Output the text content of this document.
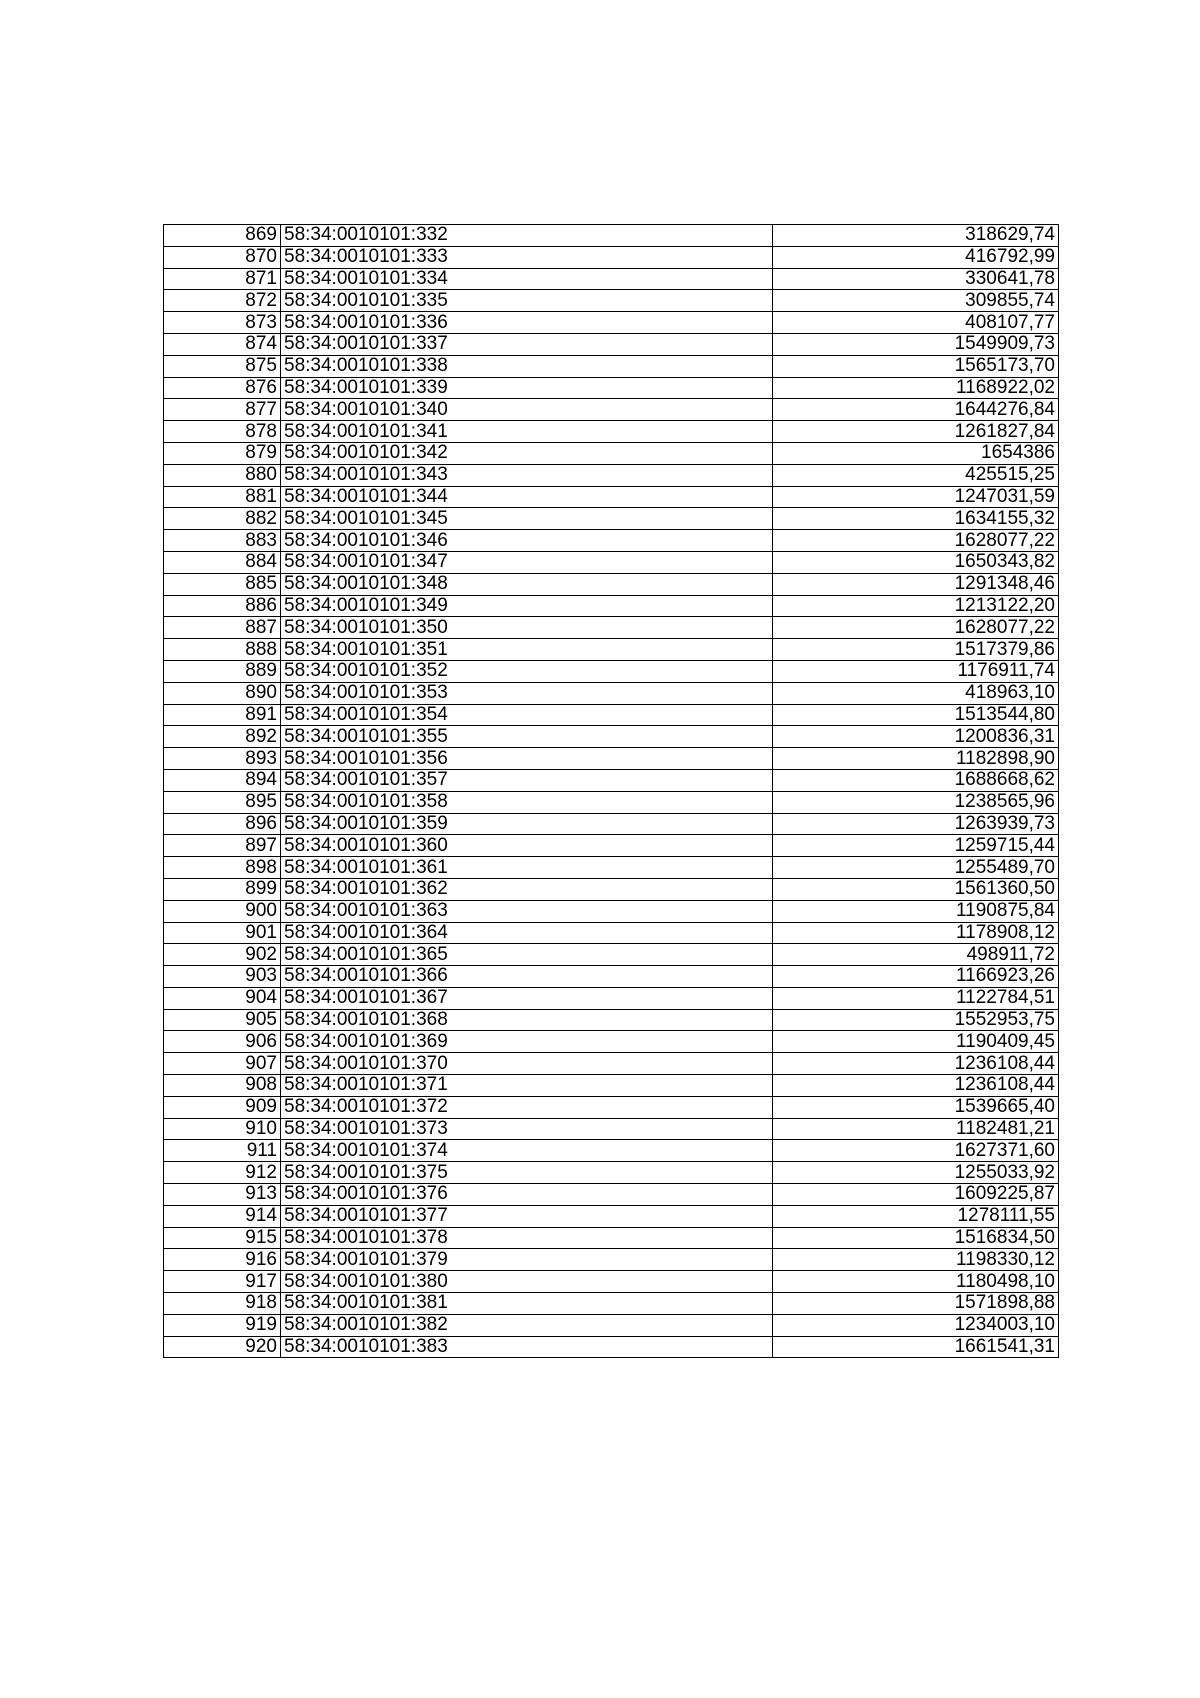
869	58:34:0010101:332	318629,74
870	58:34:0010101:333	416792,99
871	58:34:0010101:334	330641,78
872	58:34:0010101:335	309855,74
873	58:34:0010101:336	408107,77
874	58:34:0010101:337	1549909,73
875	58:34:0010101:338	1565173,70
876	58:34:0010101:339	1168922,02
877	58:34:0010101:340	1644276,84
878	58:34:0010101:341	1261827,84
879	58:34:0010101:342	1654386
880	58:34:0010101:343	425515,25
881	58:34:0010101:344	1247031,59
882	58:34:0010101:345	1634155,32
883	58:34:0010101:346	1628077,22
884	58:34:0010101:347	1650343,82
885	58:34:0010101:348	1291348,46
886	58:34:0010101:349	1213122,20
887	58:34:0010101:350	1628077,22
888	58:34:0010101:351	1517379,86
889	58:34:0010101:352	1176911,74
890	58:34:0010101:353	418963,10
891	58:34:0010101:354	1513544,80
892	58:34:0010101:355	1200836,31
893	58:34:0010101:356	1182898,90
894	58:34:0010101:357	1688668,62
895	58:34:0010101:358	1238565,96
896	58:34:0010101:359	1263939,73
897	58:34:0010101:360	1259715,44
898	58:34:0010101:361	1255489,70
899	58:34:0010101:362	1561360,50
900	58:34:0010101:363	1190875,84
901	58:34:0010101:364	1178908,12
902	58:34:0010101:365	498911,72
903	58:34:0010101:366	1166923,26
904	58:34:0010101:367	1122784,51
905	58:34:0010101:368	1552953,75
906	58:34:0010101:369	1190409,45
907	58:34:0010101:370	1236108,44
908	58:34:0010101:371	1236108,44
909	58:34:0010101:372	1539665,40
910	58:34:0010101:373	1182481,21
911	58:34:0010101:374	1627371,60
912	58:34:0010101:375	1255033,92
913	58:34:0010101:376	1609225,87
914	58:34:0010101:377	1278111,55
915	58:34:0010101:378	1516834,50
916	58:34:0010101:379	1198330,12
917	58:34:0010101:380	1180498,10
918	58:34:0010101:381	1571898,88
919	58:34:0010101:382	1234003,10
920	58:34:0010101:383	1661541,31
